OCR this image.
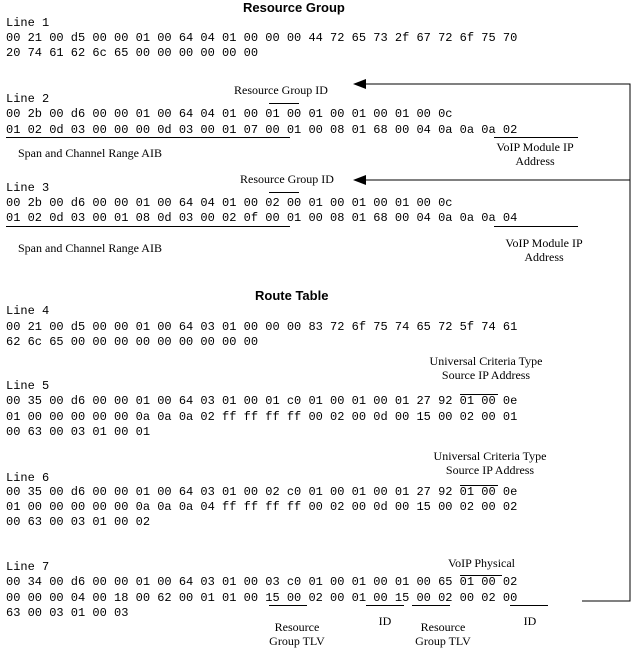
Resource Group
Line 1
00 21 00 d5 00 00 01 00 64 04 01 00 00 00 44 72 65 73 2f 67 72 6f 75 70
20 74 61 62 6c 65 00 00 00 00 00 00
Resource Group ID
Line 2
00 2b 00 d6 00 00 01 00 64 04 01 00 01 00 01 00 01 00 01 00 0c
01 02 0d 03 00 00 00 0d 03 00 01 07 00 01 00 08 01 68 00 04 0a 0a 0a 02
Span and Channel Range AIB	VoIP Module IP
Address
Resource Group ID
Line 3
00 2b 00 d6 00 00 01 00 64 04 01 00 02 00 01 00 01 00 01 00 0c
01 02 0d 03 00 01 08 0d 03 00 02 0f 00 01 00 08 01 68 00 04 0a 0a 0a 04
Span and Channel Range AIB	VoIP Module IP
Address
Route Table
Line 4
00 21 00 d5 00 00 01 00 64 03 01 00 00 00 83 72 6f 75 74 65 72 5f 74 61
62 6c 65 00 00 00 00 00 00 00 00 00
Universal Criteria Type
Source IP Address
Line 5
00 35 00 d6 00 00 01 00 64 03 01 00 01 c0 01 00 01 00 01 27 92 01 00 0e
01 00 00 00 00 00 0a 0a 0a 02 ff ff ff ff 00 02 00 0d 00 15 00 02 00 01
00 63 00 03 01 00 01
Universal Criteria Type
Source IP Address
Line 6
00 35 00 d6 00 00 01 00 64 03 01 00 02 c0 01 00 01 00 01 27 92 01 00 0e
01 00 00 00 00 00 0a 0a 0a 04 ff ff ff ff 00 02 00 0d 00 15 00 02 00 02
00 63 00 03 01 00 02
VoIP Physical
Line 7
00 34 00 d6 00 00 01 00 64 03 01 00 03 c0 01 00 01 00 01 00 65 01 00 02
00 00 00 04 00 18 00 62 00 01 01 00 15 00 02 00 01 00 15 00 02 00 02 00
63 00 03 01 00 03
Resource
Group TLV
ID	Resource
Group TLV
ID
